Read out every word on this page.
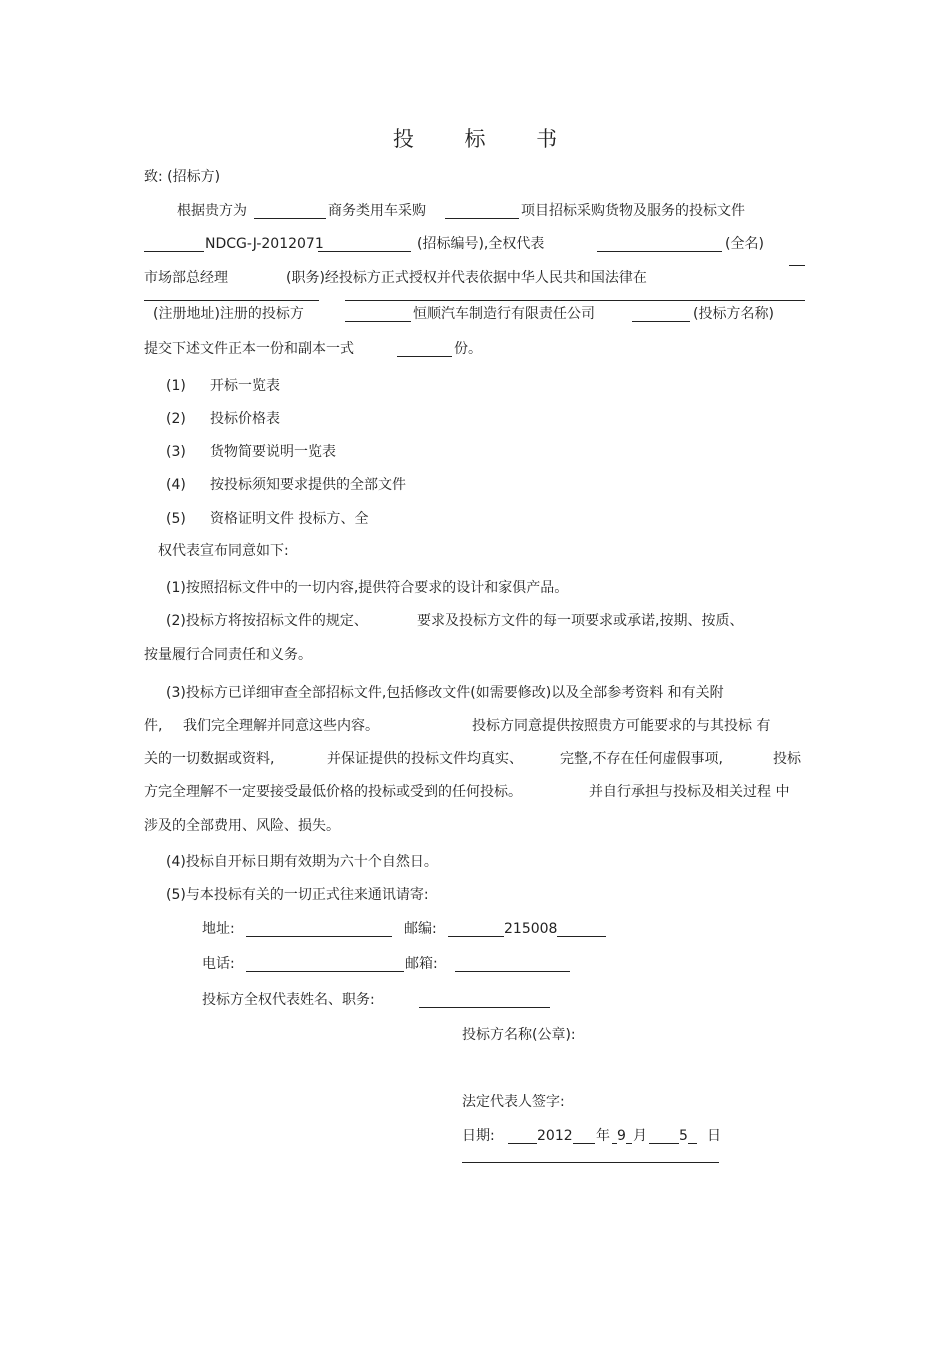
投 标 书
致: (招标方)
根据贵方为	商务类用车采购	项目招标采购货物及服务的投标文件
NDCG-J-2012071	(招标编号),全权代表	(全名)
市场部总经理	(职务)经投标方正式授权并代表依据中华人民共和国法律在
(注册地址)注册的投标方	恒顺汽车制造行有限责任公司	(投标方名称)
提交下述文件正本一份和副本一式	份。
(1) 开标一览表
(2) 投标价格表
(3) 货物简要说明一览表
(4) 按投标须知要求提供的全部文件
(5) 资格证明文件 投标方、全
权代表宣布同意如下:
(1)按照招标文件中的一切内容,提供符合要求的设计和家俱产品。
(2)投标方将按招标文件的规定、	要求及投标方文件的每一项要求或承诺,按期、按质、
按量履行合同责任和义务。
(3)投标方已详细审查全部招标文件,包括修改文件(如需要修改)以及全部参考资料 和有关附
件, 我们完全理解并同意这些内容。	投标方同意提供按照贵方可能要求的与其投标 有
关的一切数据或资料,	并保证提供的投标文件均真实、	完整,不存在任何虚假事项,	投标
方完全理解不一定要接受最低价格的投标或受到的任何投标。	并自行承担与投标及相关过程 中
涉及的全部费用、风险、损失。
(4)投标自开标日期有效期为六十个自然日。
(5)与本投标有关的一切正式往来通讯请寄:
地址:	邮编:	215008
电话:	邮箱:
投标方全权代表姓名、职务:
投标方名称(公章):
法定代表人签字:
日期:	2012 年 9 月 5 日
